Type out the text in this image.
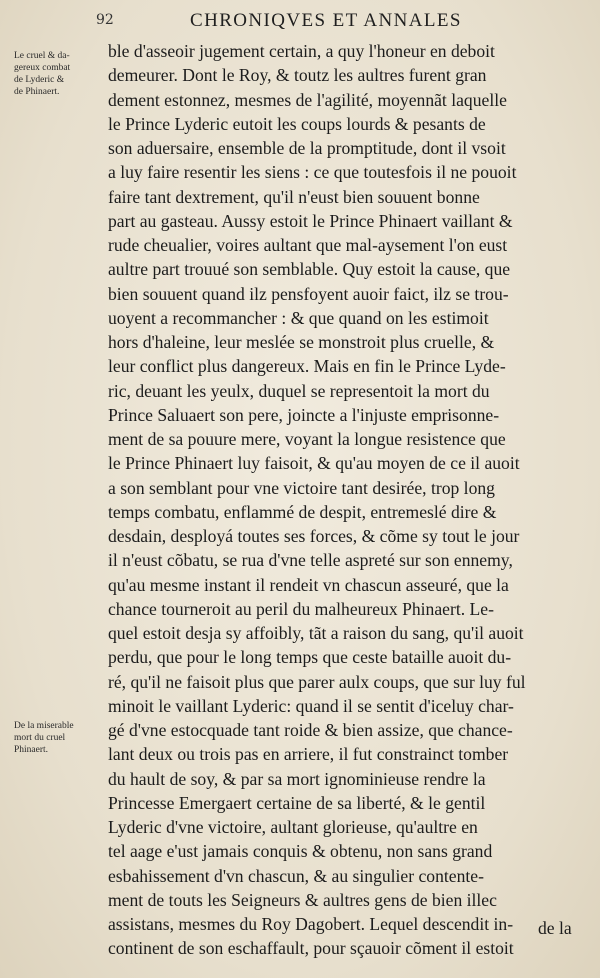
92	CHRONIQVES ET ANNALES
Le cruel & da-
gereux combat
de Lyderic &
de Phinaert.
De la miserable
mort du cruel
Phinaert.
ble d'asseoir jugement certain, a quy l'honeur en deboit
demeurer. Dont le Roy, & toutz les aultres furent gran
dement estonnez, mesmes de l'agilité, moyennãt laquelle
le Prince Lyderic eutoit les coups lourds & pesants de
son aduersaire, ensemble de la promptitude, dont il vsoit
a luy faire resentir les siens : ce que toutesfois il ne pouoit
faire tant dextrement, qu'il n'eust bien souuent bonne
part au gasteau. Aussy estoit le Prince Phinaert vaillant &
rude cheualier, voires aultant que mal-aysement l'on eust
aultre part trouué son semblable. Quy estoit la cause, que
bien souuent quand ilz pensfoyent auoir faict, ilz se trou-
uoyent a recommancher : & que quand on les estimoit
hors d'haleine, leur meslée se monstroit plus cruelle, &
leur conflict plus dangereux. Mais en fin le Prince Lyde-
ric, deuant les yeulx, duquel se representoit la mort du
Prince Saluaert son pere, joincte a l'injuste emprisonne-
ment de sa pouure mere, voyant la longue resistence que
le Prince Phinaert luy faisoit, & qu'au moyen de ce il auoit
a son semblant pour vne victoire tant desirée, trop long
temps combatu, enflammé de despit, entremeslé dire &
desdain, desployá toutes ses forces, & cõme sy tout le jour
il n'eust cõbatu, se rua d'vne telle aspreté sur son ennemy,
qu'au mesme instant il rendeit vn chascun asseuré, que la
chance tourneroit au peril du malheureux Phinaert. Le-
quel estoit desja sy affoibly, tãt a raison du sang, qu'il auoit
perdu, que pour le long temps que ceste bataille auoit du-
ré, qu'il ne faisoit plus que parer aulx coups, que sur luy ful
minoit le vaillant Lyderic: quand il se sentit d'iceluy char-
gé d'vne estocquade tant roide & bien assize, que chance-
lant deux ou trois pas en arriere, il fut constrainct tomber
du hault de soy, & par sa mort ignominieuse rendre la
Princesse Emergaert certaine de sa liberté, & le gentil
Lyderic d'vne victoire, aultant glorieuse, qu'aultre en
tel aage e'ust jamais conquis & obtenu, non sans grand
esbahissement d'vn chascun, & au singulier contente-
ment de touts les Seigneurs & aultres gens de bien illec
assistans, mesmes du Roy Dagobert. Lequel descendit in-
continent de son eschaffault, pour sçauoir cõment il estoit
de la
